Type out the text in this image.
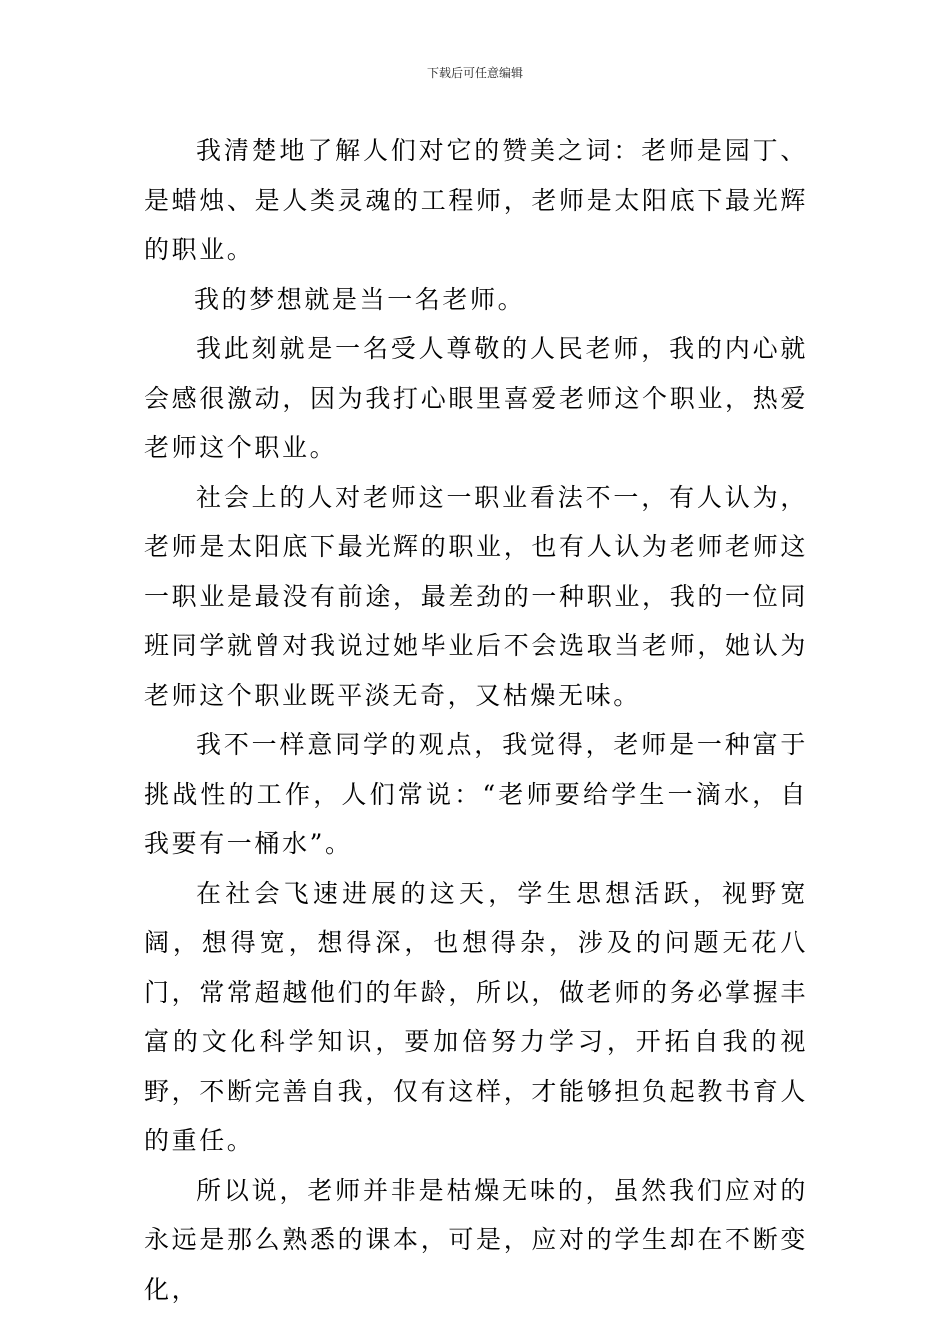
下载后可任意编辑

我清楚地了解人们对它的赞美之词：老师是园丁、是蜡烛、是人类灵魂的工程师，老师是太阳底下最光辉的职业。

我的梦想就是当一名老师。

我此刻就是一名受人尊敬的人民老师，我的内心就会感很激动，因为我打心眼里喜爱老师这个职业，热爱老师这个职业。

社会上的人对老师这一职业看法不一，有人认为，老师是太阳底下最光辉的职业，也有人认为老师老师这一职业是最没有前途，最差劲的一种职业，我的一位同班同学就曾对我说过她毕业后不会选取当老师，她认为老师这个职业既平淡无奇，又枯燥无味。

我不一样意同学的观点，我觉得，老师是一种富于挑战性的工作，人们常说：“老师要给学生一滴水，自我要有一桶水”。

在社会飞速进展的这天，学生思想活跃，视野宽阔，想得宽，想得深，也想得杂，涉及的问题无花八门，常常超越他们的年龄，所以，做老师的务必掌握丰富的文化科学知识，要加倍努力学习，开拓自我的视野，不断完善自我，仅有这样，才能够担负起教书育人的重任。

所以说，老师并非是枯燥无味的，虽然我们应对的永远是那么熟悉的课本，可是，应对的学生却在不断变化，
